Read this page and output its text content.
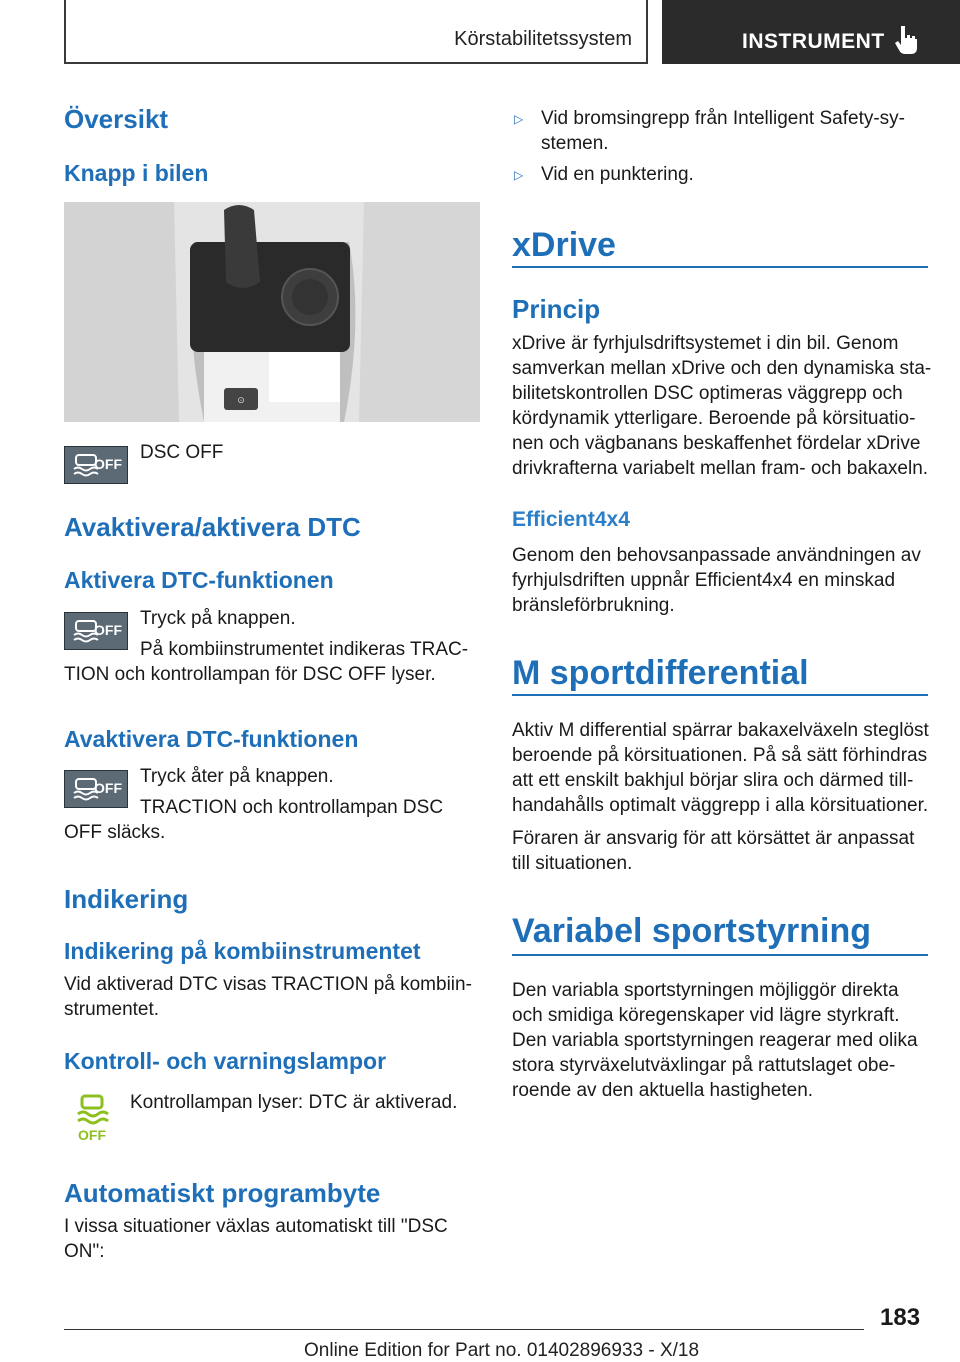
Körstabilitetssystem	INSTRUMENT
Översikt
Knapp i bilen
⊙
OFF
DSC OFF
Avaktivera/aktivera DTC
Aktivera DTC-funktionen
OFF
Tryck på knappen.
På kombiinstrumentet indikeras TRAC‐
TION och kontrollampan för DSC OFF lyser.
Avaktivera DTC-funktionen
OFF
Tryck åter på knappen.
TRACTION och kontrollampan DSC
OFF släcks.
Indikering
Indikering på kombiinstrumentet
Vid aktiverad DTC visas TRACTION på kombiin‐
strumentet.
Kontroll- och varningslampor
OFF
Kontrollampan lyser: DTC är aktiverad.
Automatiskt programbyte
I vissa situationer växlas automatiskt till "DSC
ON":
▷ Vid bromsingrepp från Intelligent Safety-sy‐
stemen.
▷ Vid en punktering.
xDrive
Princip
xDrive är fyrhjulsdriftsystemet i din bil. Genom
samverkan mellan xDrive och den dynamiska sta‐
bilitetskontrollen DSC optimeras väggrepp och
kördynamik ytterligare. Beroende på körsituatio‐
nen och vägbanans beskaffenhet fördelar xDrive
drivkrafterna variabelt mellan fram- och bakaxeln.
Efficient4x4
Genom den behovsanpassade användningen av
fyrhjulsdriften uppnår Efficient4x4 en minskad
bränsleförbrukning.
M sportdifferential
Aktiv M differential spärrar bakaxelväxeln steglöst
beroende på körsituationen. På så sätt förhindras
att ett enskilt bakhjul börjar slira och därmed till‐
handahålls optimalt väggrepp i alla körsituationer.
Föraren är ansvarig för att körsättet är anpassat
till situationen.
Variabel sportstyrning
Den variabla sportstyrningen möjliggör direkta
och smidiga köregenskaper vid lägre styrkraft.
Den variabla sportstyrningen reagerar med olika
stora styrväxelutväxlingar på rattutslaget obe‐
roende av den aktuella hastigheten.
183
Online Edition for Part no. 01402896933 - X/18
